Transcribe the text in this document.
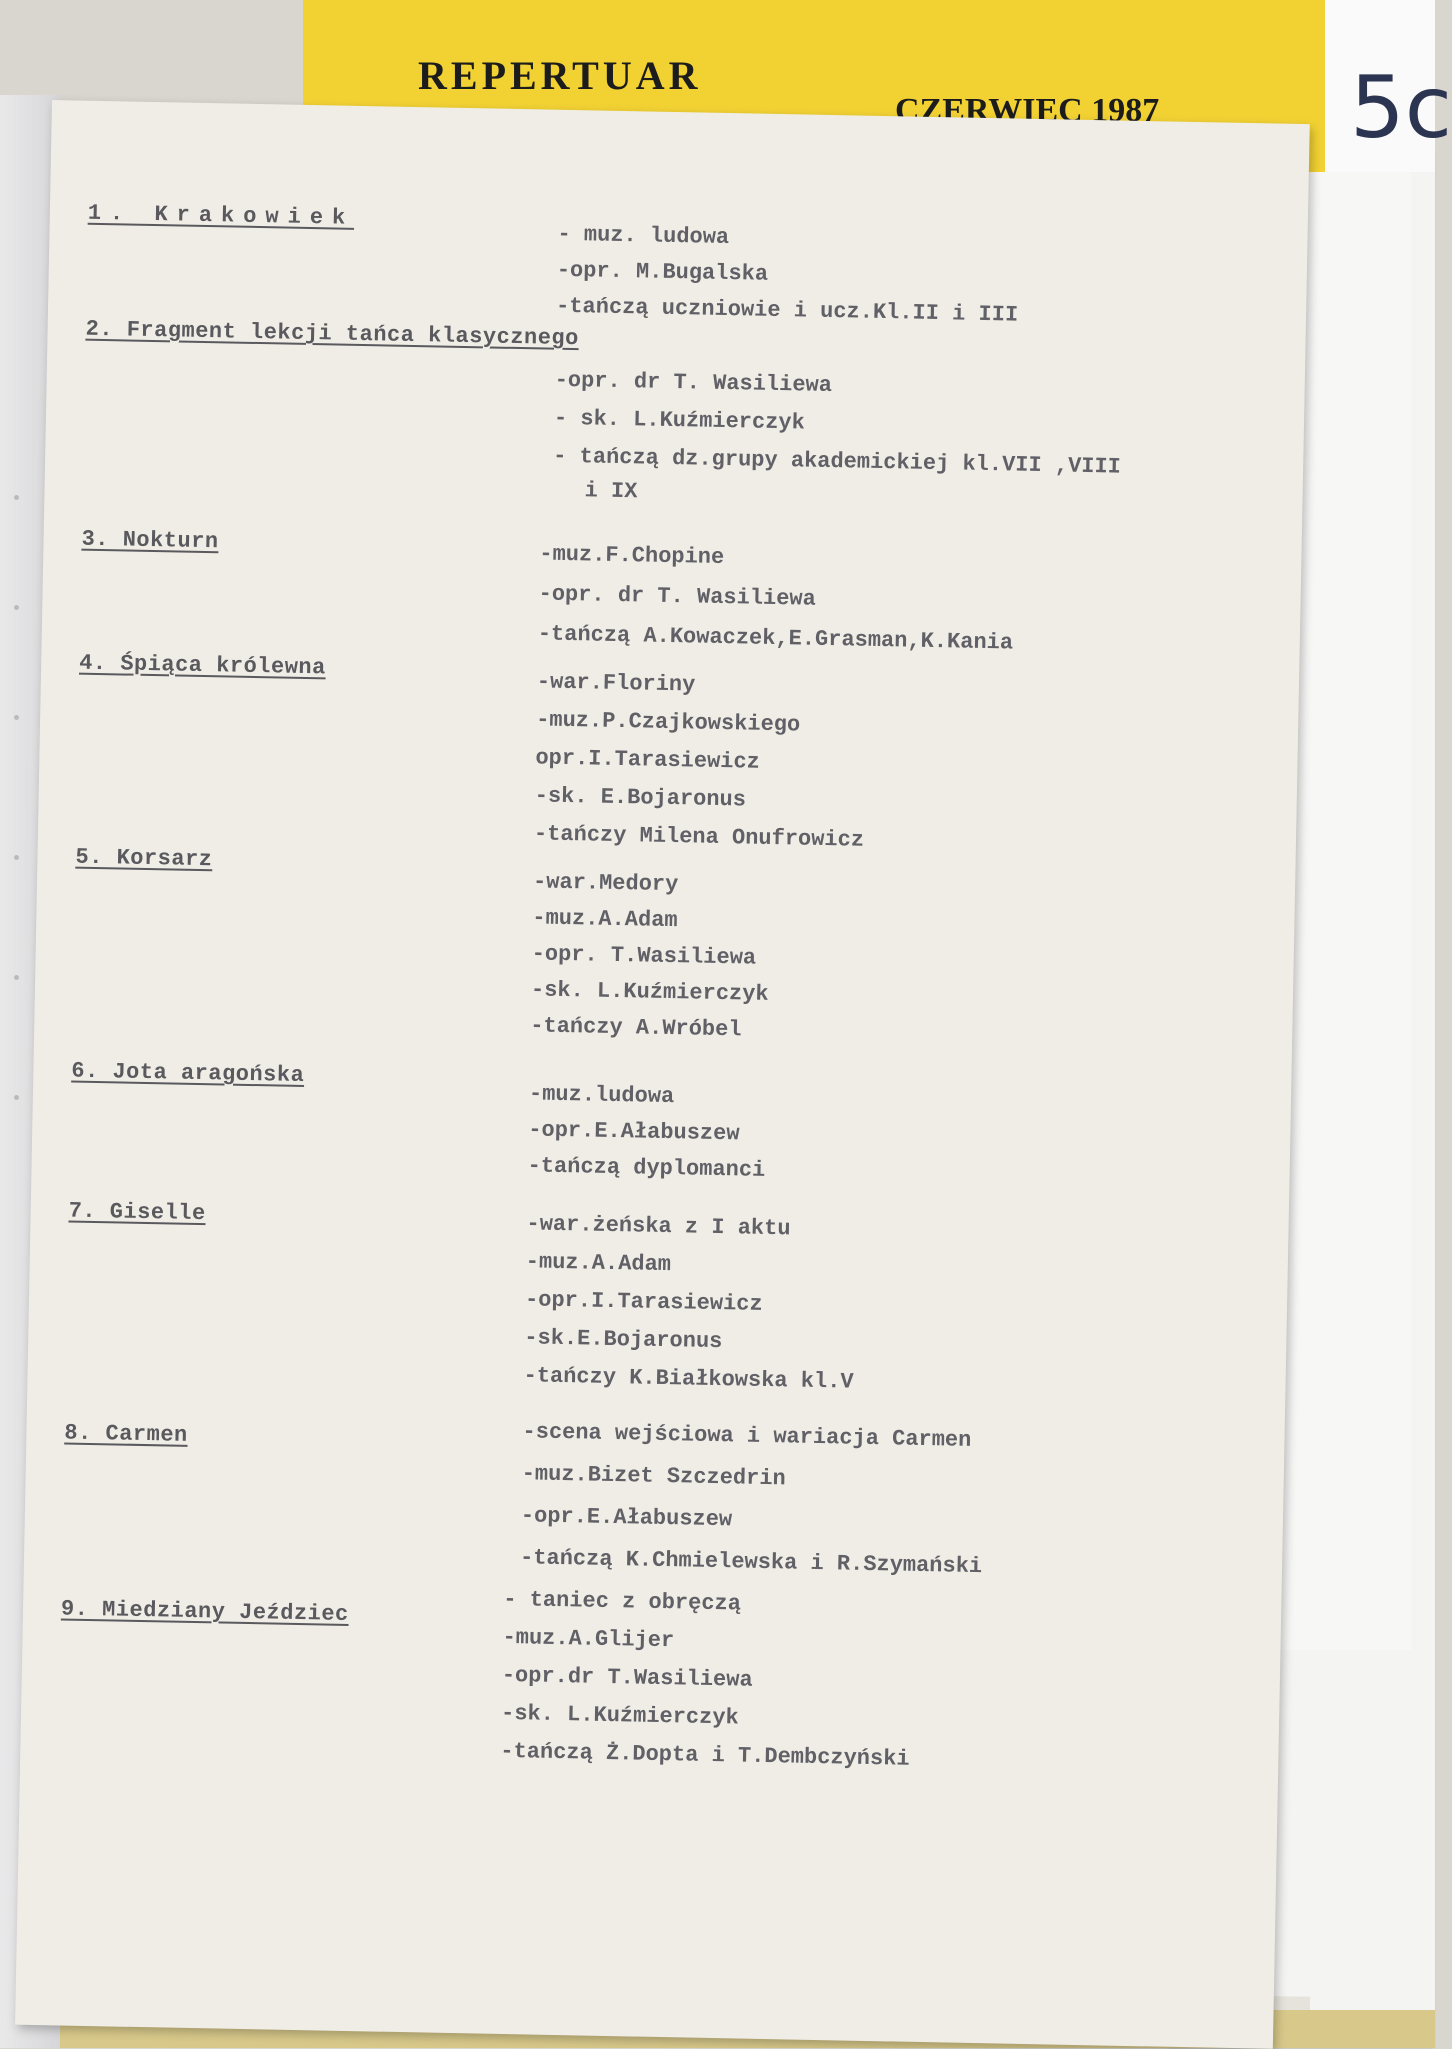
REPERTUAR
CZERWIEC 1987 5c
1. Krakowiek
- muz. ludowa
-opr. M.Bugalska
-tańczą uczniowie i ucz.Kl.II i III
2. Fragment lekcji tańca klasycznego
-opr. dr T. Wasiliewa
- sk. L.Kuźmierczyk
- tańczą dz.grupy akademickiej kl.VII ,VIII
i IX
3. Nokturn
-muz.F.Chopine
-opr. dr T. Wasiliewa
-tańczą A.Kowaczek,E.Grasman,K.Kania
4. Śpiąca królewna
-war.Floriny
-muz.P.Czajkowskiego
opr.I.Tarasiewicz
-sk. E.Bojaronus
-tańczy Milena Onufrowicz
5. Korsarz
-war.Medory
-muz.A.Adam
-opr. T.Wasiliewa
-sk. L.Kuźmierczyk
-tańczy A.Wróbel
6. Jota aragońska
-muz.ludowa
-opr.E.Ałabuszew
-tańczą dyplomanci
7. Giselle	-war.żeńska z I aktu
-muz.A.Adam
-opr.I.Tarasiewicz
-sk.E.Bojaronus
-tańczy K.Białkowska kl.V
8. Carmen	-scena wejściowa i wariacja Carmen
-muz.Bizet Szczedrin
-opr.E.Ałabuszew
-tańczą K.Chmielewska i R.Szymański
9. Miedziany Jeździec	- taniec z obręczą
-muz.A.Glijer
-opr.dr T.Wasiliewa
-sk. L.Kuźmierczyk
-tańczą Ż.Dopta i T.Dembczyński
